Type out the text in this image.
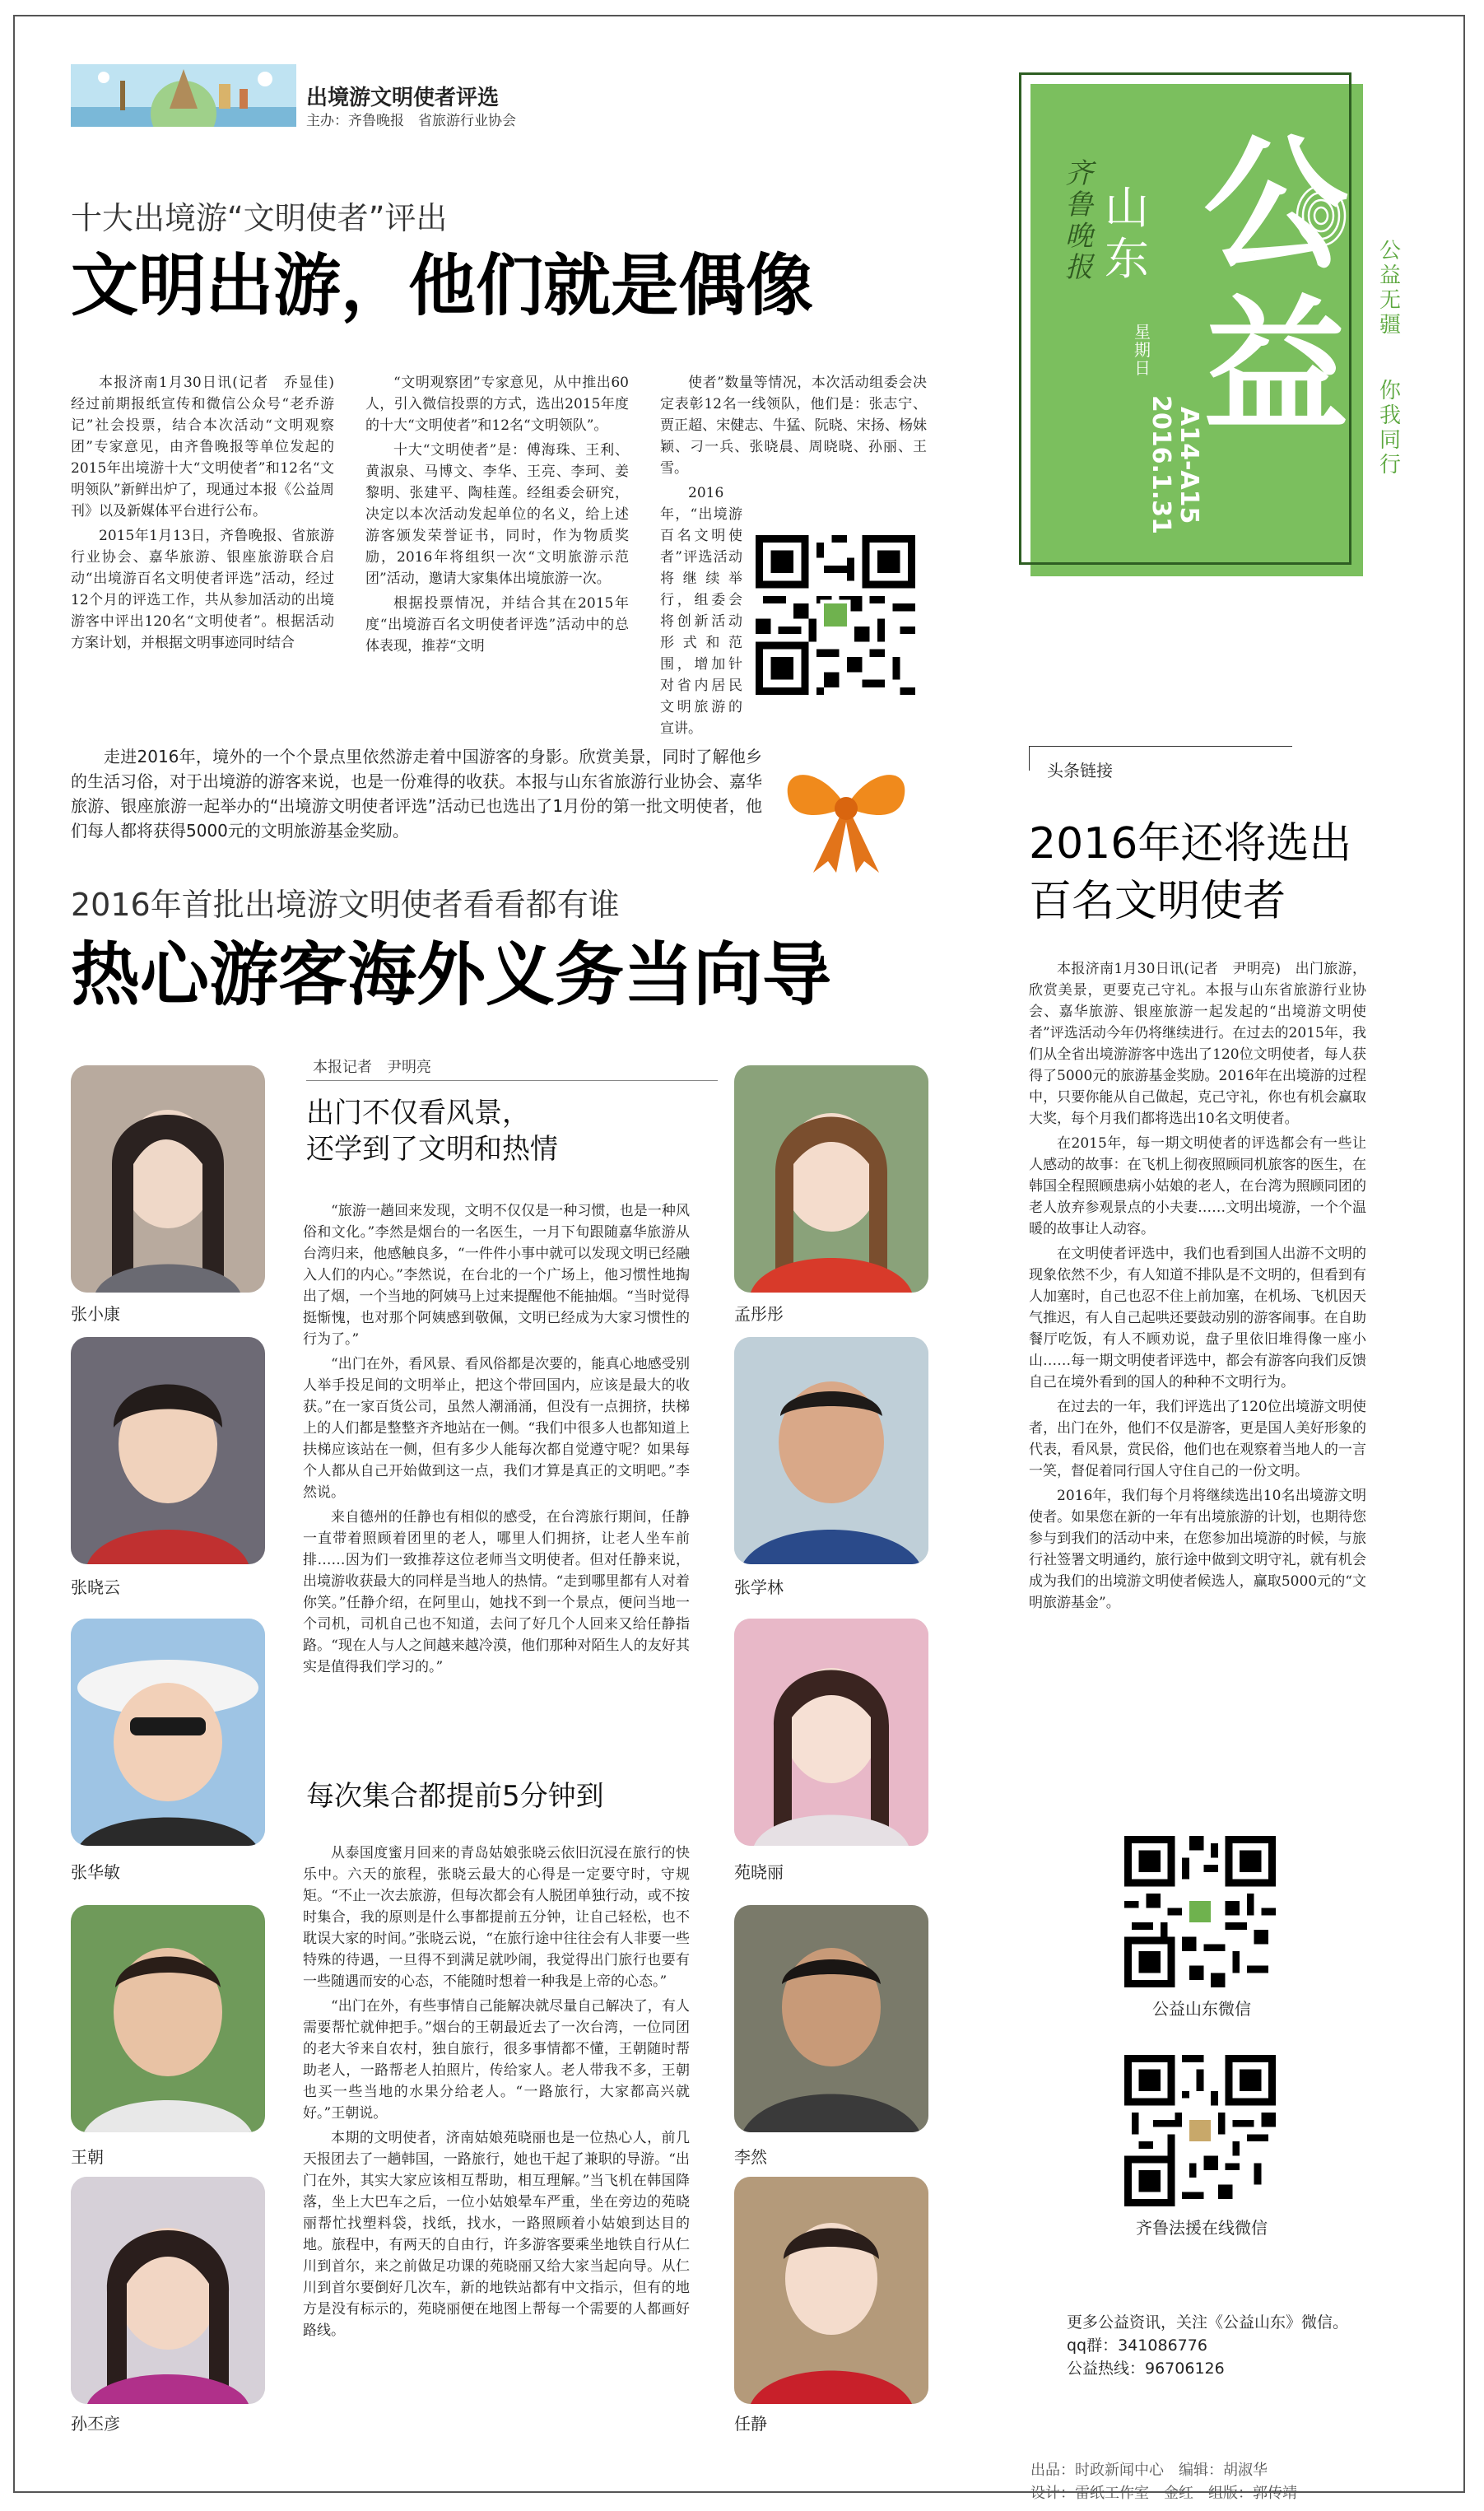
出境游文明使者评选
主办：齐鲁晚报　省旅游行业协会
十大出境游“文明使者”评出
文明出游，他们就是偶像

本报济南1月30日讯(记者　乔显佳)　经过前期报纸宣传和微信公众号“老乔游记”社会投票，结合本次活动“文明观察团”专家意见，由齐鲁晚报等单位发起的2015年出境游十大“文明使者”和12名“文明领队”新鲜出炉了，现通过本报《公益周刊》以及新媒体平台进行公布。

2015年1月13日，齐鲁晚报、省旅游行业协会、嘉华旅游、银座旅游联合启动“出境游百名文明使者评选”活动，经过12个月的评选工作，共从参加活动的出境游客中评出120名“文明使者”。根据活动方案计划，并根据文明事迹同时结合

“文明观察团”专家意见，从中推出60人，引入微信投票的方式，选出2015年度的十大“文明使者”和12名“文明领队”。

十大“文明使者”是：傅海珠、王利、黄淑泉、马博文、李华、王亮、李珂、姜黎明、张建平、陶桂莲。经组委会研究，决定以本次活动发起单位的名义，给上述游客颁发荣誉证书，同时，作为物质奖励，2016年将组织一次“文明旅游示范团”活动，邀请大家集体出境旅游一次。

根据投票情况，并结合其在2015年度“出境游百名文明使者评选”活动中的总体表现，推荐“文明

使者”数量等情况，本次活动组委会决定表彰12名一线领队，他们是：张志宁、贾正超、宋健志、牛猛、阮晓、宋扬、杨妹颖、刁一兵、张晓晨、周晓晓、孙丽、王雪。

2016年，“出境游百名文明使者”评选活动将继续举行，组委会将创新活动形式和范围，增加针对省内居民文明旅游的宣讲。

走进2016年，境外的一个个景点里依然游走着中国游客的身影。欣赏美景，同时了解他乡的生活习俗，对于出境游的游客来说，也是一份难得的收获。本报与山东省旅游行业协会、嘉华旅游、银座旅游一起举办的“出境游文明使者评选”活动已也选出了1月份的第一批文明使者，他们每人都将获得5000元的文明旅游基金奖励。
2016年首批出境游文明使者看看都有谁
热心游客海外义务当向导
本报记者　尹明亮
出门不仅看风景，
还学到了文明和热情

“旅游一趟回来发现，文明不仅仅是一种习惯，也是一种风俗和文化。”李然是烟台的一名医生，一月下旬跟随嘉华旅游从台湾归来，他感触良多，“一件件小事中就可以发现文明已经融入人们的内心。”李然说，在台北的一个广场上，他习惯性地掏出了烟，一个当地的阿姨马上过来提醒他不能抽烟。“当时觉得挺惭愧，也对那个阿姨感到敬佩，文明已经成为大家习惯性的行为了。”

“出门在外，看风景、看风俗都是次要的，能真心地感受别人举手投足间的文明举止，把这个带回国内，应该是最大的收获。”在一家百货公司，虽然人潮涌涌，但没有一点拥挤，扶梯上的人们都是整整齐齐地站在一侧。“我们中很多人也都知道上扶梯应该站在一侧，但有多少人能每次都自觉遵守呢？如果每个人都从自己开始做到这一点，我们才算是真正的文明吧。”李然说。

来自德州的任静也有相似的感受，在台湾旅行期间，任静一直带着照顾着团里的老人，哪里人们拥挤，让老人坐车前排……因为们一致推荐这位老师当文明使者。但对任静来说，出境游收获最大的同样是当地人的热情。“走到哪里都有人对着你笑。”任静介绍，在阿里山，她找不到一个景点，便问当地一个司机，司机自己也不知道，去问了好几个人回来又给任静指路。“现在人与人之间越来越冷漠，他们那种对陌生人的友好其实是值得我们学习的。”

每次集合都提前5分钟到

从泰国度蜜月回来的青岛姑娘张晓云依旧沉浸在旅行的快乐中。六天的旅程，张晓云最大的心得是一定要守时，守规矩。“不止一次去旅游，但每次都会有人脱团单独行动，或不按时集合，我的原则是什么事都提前五分钟，让自己轻松，也不耽误大家的时间。”张晓云说，“在旅行途中往往会有人非要一些特殊的待遇，一旦得不到满足就吵闹，我觉得出门旅行也要有一些随遇而安的心态，不能随时想着一种我是上帝的心态。”

“出门在外，有些事情自己能解决就尽量自己解决了，有人需要帮忙就伸把手。”烟台的王朝最近去了一次台湾，一位同团的老大爷来自农村，独自旅行，很多事情都不懂，王朝随时帮助老人，一路帮老人拍照片，传给家人。老人带我不多，王朝也买一些当地的水果分给老人。“一路旅行，大家都高兴就好。”王朝说。

本期的文明使者，济南姑娘苑晓丽也是一位热心人，前几天报团去了一趟韩国，一路旅行，她也干起了兼职的导游。“出门在外，其实大家应该相互帮助，相互理解。”当飞机在韩国降落，坐上大巴车之后，一位小姑娘晕车严重，坐在旁边的苑晓丽帮忙找塑料袋，找纸，找水，一路照顾着小姑娘到达目的地。旅程中，有两天的自由行，许多游客要乘坐地铁自行从仁川到首尔，来之前做足功课的苑晓丽又给大家当起向导。从仁川到首尔要倒好几次车，新的地铁站都有中文指示，但有的地方是没有标示的，苑晓丽便在地图上帮每一个需要的人都画好路线。

张小康
张晓云
张华敏
王朝
孙丕彦
孟彤彤
张学林
苑晓丽
李然
任静
齐鲁晚报
山东
星期日
2016.1.31 A14-A15
公益
公益无疆
你我同行
头条链接
2016年还将选出
百名文明使者

本报济南1月30日讯(记者　尹明亮)　出门旅游，欣赏美景，更要克己守礼。本报与山东省旅游行业协会、嘉华旅游、银座旅游一起发起的“出境游文明使者”评选活动今年仍将继续进行。在过去的2015年，我们从全省出境游游客中选出了120位文明使者，每人获得了5000元的旅游基金奖励。2016年在出境游的过程中，只要你能从自己做起，克己守礼，你也有机会赢取大奖，每个月我们都将选出10名文明使者。

在2015年，每一期文明使者的评选都会有一些让人感动的故事：在飞机上彻夜照顾同机旅客的医生，在韩国全程照顾患病小姑娘的老人，在台湾为照顾同团的老人放弃参观景点的小夫妻……文明出境游，一个个温暖的故事让人动容。

在文明使者评选中，我们也看到国人出游不文明的现象依然不少，有人知道不排队是不文明的，但看到有人加塞时，自己也忍不住上前加塞，在机场、飞机因天气推迟，有人自己起哄还要鼓动别的游客闹事。在自助餐厅吃饭，有人不顾劝说，盘子里依旧堆得像一座小山……每一期文明使者评选中，都会有游客向我们反馈自己在境外看到的国人的种种不文明行为。

在过去的一年，我们评选出了120位出境游文明使者，出门在外，他们不仅是游客，更是国人美好形象的代表，看风景，赏民俗，他们也在观察着当地人的一言一笑，督促着同行国人守住自己的一份文明。

2016年，我们每个月将继续选出10名出境游文明使者。如果您在新的一年有出境旅游的计划，也期待您参与到我们的活动中来，在您参加出境游的时候，与旅行社签署文明通约，旅行途中做到文明守礼，就有机会成为我们的出境游文明使者候选人，赢取5000元的“文明旅游基金”。

公益山东微信
齐鲁法援在线微信
更多公益资讯，关注《公益山东》微信。
qq群：341086776
公益热线：96706126
出品：时政新闻中心　编辑：胡淑华
设计：雷纸工作室　金红　组版：郭传靖
